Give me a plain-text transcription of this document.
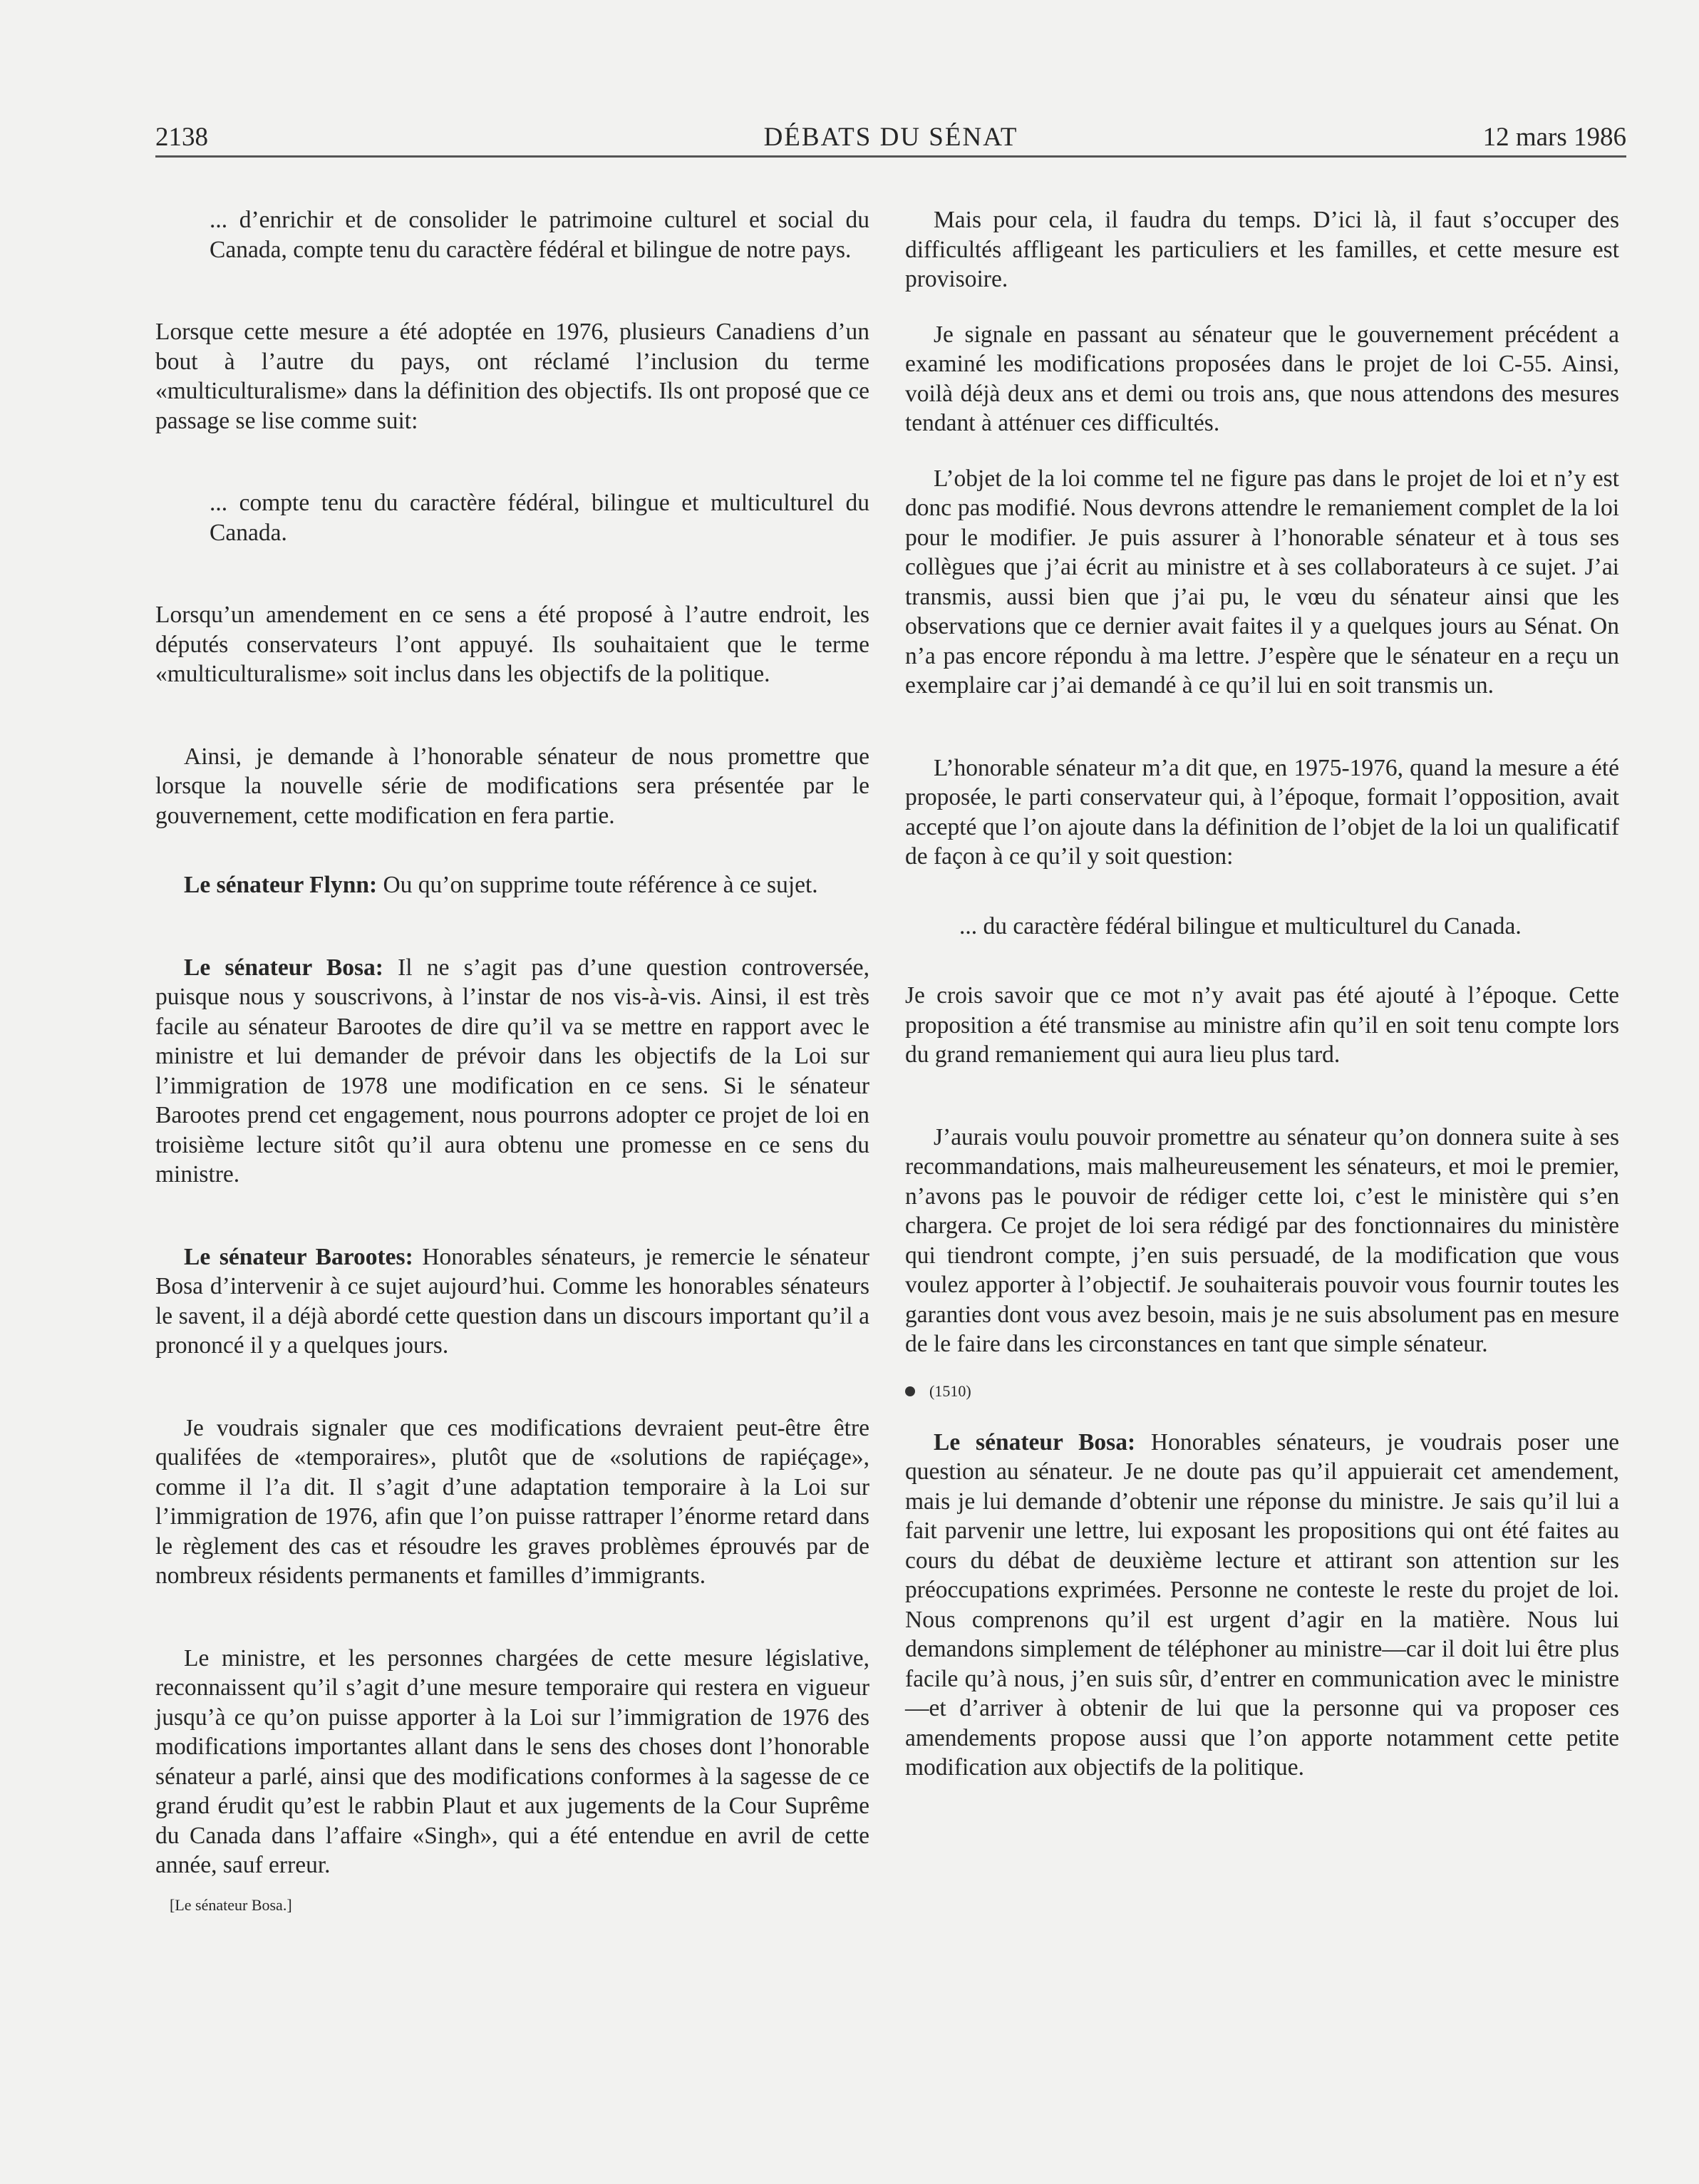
2138	DÉBATS DU SÉNAT	12 mars 1986

... d’enrichir et de consolider le patrimoine culturel et social du Canada, compte tenu du caractère fédéral et bilingue de notre pays.

Lorsque cette mesure a été adoptée en 1976, plusieurs Canadiens d’un bout à l’autre du pays, ont réclamé l’inclusion du terme «multiculturalisme» dans la définition des objectifs. Ils ont proposé que ce passage se lise comme suit:

... compte tenu du caractère fédéral, bilingue et multiculturel du Canada.

Lorsqu’un amendement en ce sens a été proposé à l’autre endroit, les députés conservateurs l’ont appuyé. Ils souhaitaient que le terme «multiculturalisme» soit inclus dans les objectifs de la politique.

Ainsi, je demande à l’honorable sénateur de nous promettre que lorsque la nouvelle série de modifications sera présentée par le gouvernement, cette modification en fera partie.

Le sénateur Flynn: Ou qu’on supprime toute référence à ce sujet.

Le sénateur Bosa: Il ne s’agit pas d’une question controversée, puisque nous y souscrivons, à l’instar de nos vis-à-vis. Ainsi, il est très facile au sénateur Barootes de dire qu’il va se mettre en rapport avec le ministre et lui demander de prévoir dans les objectifs de la Loi sur l’immigration de 1978 une modification en ce sens. Si le sénateur Barootes prend cet engagement, nous pourrons adopter ce projet de loi en troisième lecture sitôt qu’il aura obtenu une promesse en ce sens du ministre.

Le sénateur Barootes: Honorables sénateurs, je remercie le sénateur Bosa d’intervenir à ce sujet aujourd’hui. Comme les honorables sénateurs le savent, il a déjà abordé cette question dans un discours important qu’il a prononcé il y a quelques jours.

Je voudrais signaler que ces modifications devraient peut-être être qualifées de «temporaires», plutôt que de «solutions de rapiéçage», comme il l’a dit. Il s’agit d’une adaptation temporaire à la Loi sur l’immigration de 1976, afin que l’on puisse rattraper l’énorme retard dans le règlement des cas et résoudre les graves problèmes éprouvés par de nombreux résidents permanents et familles d’immigrants.

Le ministre, et les personnes chargées de cette mesure législative, reconnaissent qu’il s’agit d’une mesure temporaire qui restera en vigueur jusqu’à ce qu’on puisse apporter à la Loi sur l’immigration de 1976 des modifications importantes allant dans le sens des choses dont l’honorable sénateur a parlé, ainsi que des modifications conformes à la sagesse de ce grand érudit qu’est le rabbin Plaut et aux jugements de la Cour Suprême du Canada dans l’affaire «Singh», qui a été entendue en avril de cette année, sauf erreur.

[Le sénateur Bosa.]

Mais pour cela, il faudra du temps. D’ici là, il faut s’occuper des difficultés affligeant les particuliers et les familles, et cette mesure est provisoire.

Je signale en passant au sénateur que le gouvernement précédent a examiné les modifications proposées dans le projet de loi C-55. Ainsi, voilà déjà deux ans et demi ou trois ans, que nous attendons des mesures tendant à atténuer ces difficultés.

L’objet de la loi comme tel ne figure pas dans le projet de loi et n’y est donc pas modifié. Nous devrons attendre le remaniement complet de la loi pour le modifier. Je puis assurer à l’honorable sénateur et à tous ses collègues que j’ai écrit au ministre et à ses collaborateurs à ce sujet. J’ai transmis, aussi bien que j’ai pu, le vœu du sénateur ainsi que les observations que ce dernier avait faites il y a quelques jours au Sénat. On n’a pas encore répondu à ma lettre. J’espère que le sénateur en a reçu un exemplaire car j’ai demandé à ce qu’il lui en soit transmis un.

L’honorable sénateur m’a dit que, en 1975-1976, quand la mesure a été proposée, le parti conservateur qui, à l’époque, formait l’opposition, avait accepté que l’on ajoute dans la définition de l’objet de la loi un qualificatif de façon à ce qu’il y soit question:

... du caractère fédéral bilingue et multiculturel du Canada.

Je crois savoir que ce mot n’y avait pas été ajouté à l’époque. Cette proposition a été transmise au ministre afin qu’il en soit tenu compte lors du grand remaniement qui aura lieu plus tard.

J’aurais voulu pouvoir promettre au sénateur qu’on donnera suite à ses recommandations, mais malheureusement les sénateurs, et moi le premier, n’avons pas le pouvoir de rédiger cette loi, c’est le ministère qui s’en chargera. Ce projet de loi sera rédigé par des fonctionnaires du ministère qui tiendront compte, j’en suis persuadé, de la modification que vous voulez apporter à l’objectif. Je souhaiterais pouvoir vous fournir toutes les garanties dont vous avez besoin, mais je ne suis absolument pas en mesure de le faire dans les circonstances en tant que simple sénateur.

(1510)

Le sénateur Bosa: Honorables sénateurs, je voudrais poser une question au sénateur. Je ne doute pas qu’il appuierait cet amendement, mais je lui demande d’obtenir une réponse du ministre. Je sais qu’il lui a fait parvenir une lettre, lui exposant les propositions qui ont été faites au cours du débat de deuxième lecture et attirant son attention sur les préoccupations exprimées. Personne ne conteste le reste du projet de loi. Nous comprenons qu’il est urgent d’agir en la matière. Nous lui demandons simplement de téléphoner au ministre—car il doit lui être plus facile qu’à nous, j’en suis sûr, d’entrer en communication avec le ministre—et d’arriver à obtenir de lui que la personne qui va proposer ces amendements propose aussi que l’on apporte notamment cette petite modification aux objectifs de la politique.
